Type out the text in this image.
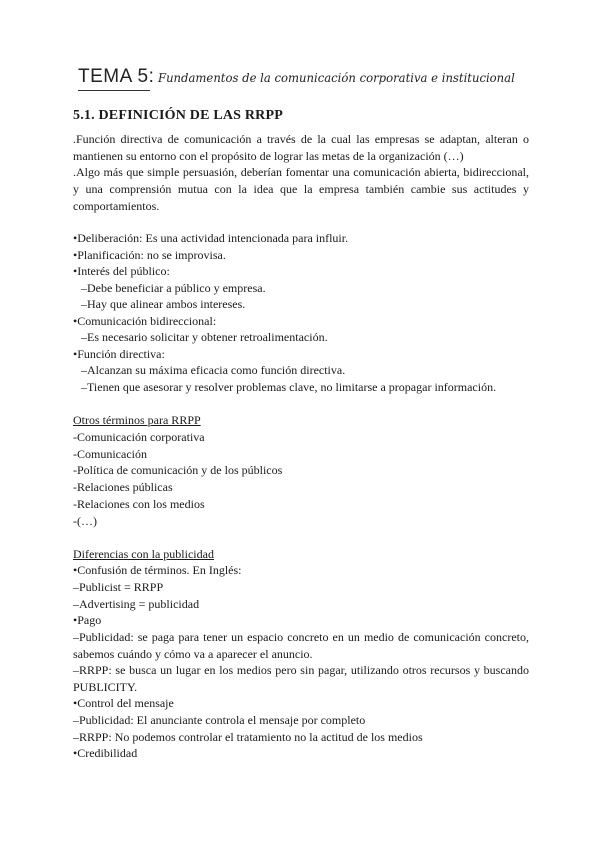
TEMA 5: Fundamentos de la comunicación corporativa e institucional
5.1. DEFINICIÓN DE LAS RRPP
.Función directiva de comunicación a través de la cual las empresas se adaptan, alteran o mantienen su entorno con el propósito de lograr las metas de la organización (…)
.Algo más que simple persuasión, deberían fomentar una comunicación abierta, bidireccional, y una comprensión mutua con la idea que la empresa también cambie sus actitudes y comportamientos.
•Deliberación: Es una actividad intencionada para influir.
•Planificación: no se improvisa.
•Interés del público:
–Debe beneficiar a público y empresa.
–Hay que alinear ambos intereses.
•Comunicación bidireccional:
–Es necesario solicitar y obtener retroalimentación.
•Función directiva:
–Alcanzan su máxima eficacia como función directiva.
–Tienen que asesorar y resolver problemas clave, no limitarse a propagar información.
Otros términos para RRPP
-Comunicación corporativa
-Comunicación
-Política de comunicación y de los públicos
-Relaciones públicas
-Relaciones con los medios
-(…)
Diferencias con la publicidad
•Confusión de términos. En Inglés:
–Publicist = RRPP
–Advertising = publicidad
•Pago
–Publicidad: se paga para tener un espacio concreto en un medio de comunicación concreto, sabemos cuándo y cómo va a aparecer el anuncio.
–RRPP: se busca un lugar en los medios pero sin pagar, utilizando otros recursos y buscando PUBLICITY.
•Control del mensaje
–Publicidad: El anunciante controla el mensaje por completo
–RRPP: No podemos controlar el tratamiento no la actitud de los medios
•Credibilidad
